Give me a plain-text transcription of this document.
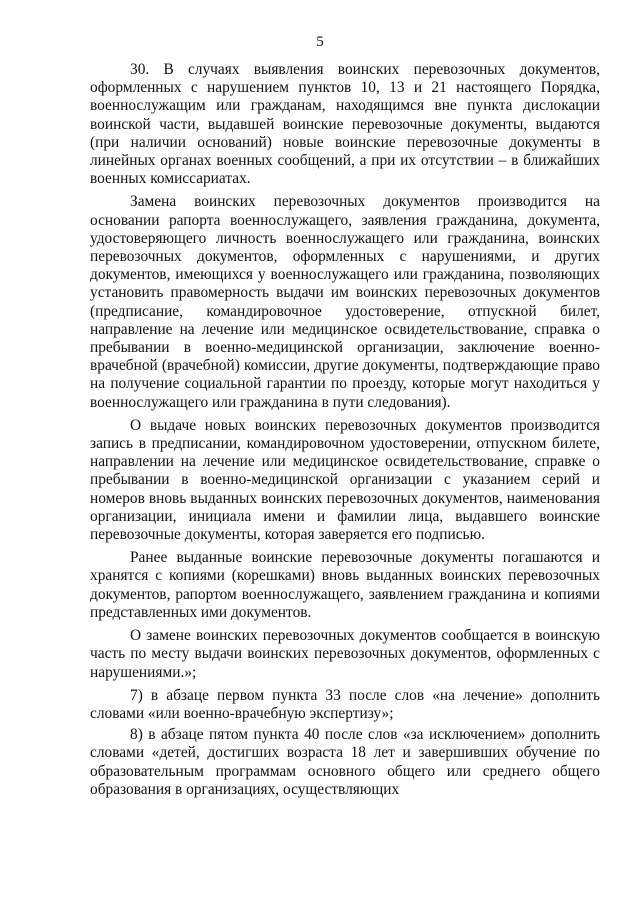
5

30. В случаях выявления воинских перевозочных документов, оформленных с нарушением пунктов 10, 13 и 21 настоящего Порядка, военнослужащим или гражданам, находящимся вне пункта дислокации воинской части, выдавшей воинские перевозочные документы, выдаются (при наличии оснований) новые воинские перевозочные документы в линейных органах военных сообщений, а при их отсутствии – в ближайших военных комиссариатах.

Замена воинских перевозочных документов производится на основании рапорта военнослужащего, заявления гражданина, документа, удостоверяющего личность военнослужащего или гражданина, воинских перевозочных документов, оформленных с нарушениями, и других документов, имеющихся у военнослужащего или гражданина, позволяющих установить правомерность выдачи им воинских перевозочных документов (предписание, командировочное удостоверение, отпускной билет, направление на лечение или медицинское освидетельствование, справка о пребывании в военно-медицинской организации, заключение военно-врачебной (врачебной) комиссии, другие документы, подтверждающие право на получение социальной гарантии по проезду, которые могут находиться у военнослужащего или гражданина в пути следования).

О выдаче новых воинских перевозочных документов производится запись в предписании, командировочном удостоверении, отпускном билете, направлении на лечение или медицинское освидетельствование, справке о пребывании в военно-медицинской организации с указанием серий и номеров вновь выданных воинских перевозочных документов, наименования организации, инициала имени и фамилии лица, выдавшего воинские перевозочные документы, которая заверяется его подписью.

Ранее выданные воинские перевозочные документы погашаются и хранятся с копиями (корешками) вновь выданных воинских перевозочных документов, рапортом военнослужащего, заявлением гражданина и копиями представленных ими документов.

О замене воинских перевозочных документов сообщается в воинскую часть по месту выдачи воинских перевозочных документов, оформленных с нарушениями.»;

7) в абзаце первом пункта 33 после слов «на лечение» дополнить словами «или военно-врачебную экспертизу»;

8) в абзаце пятом пункта 40 после слов «за исключением» дополнить словами «детей, достигших возраста 18 лет и завершивших обучение по образовательным программам основного общего или среднего общего образования в организациях, осуществляющих
